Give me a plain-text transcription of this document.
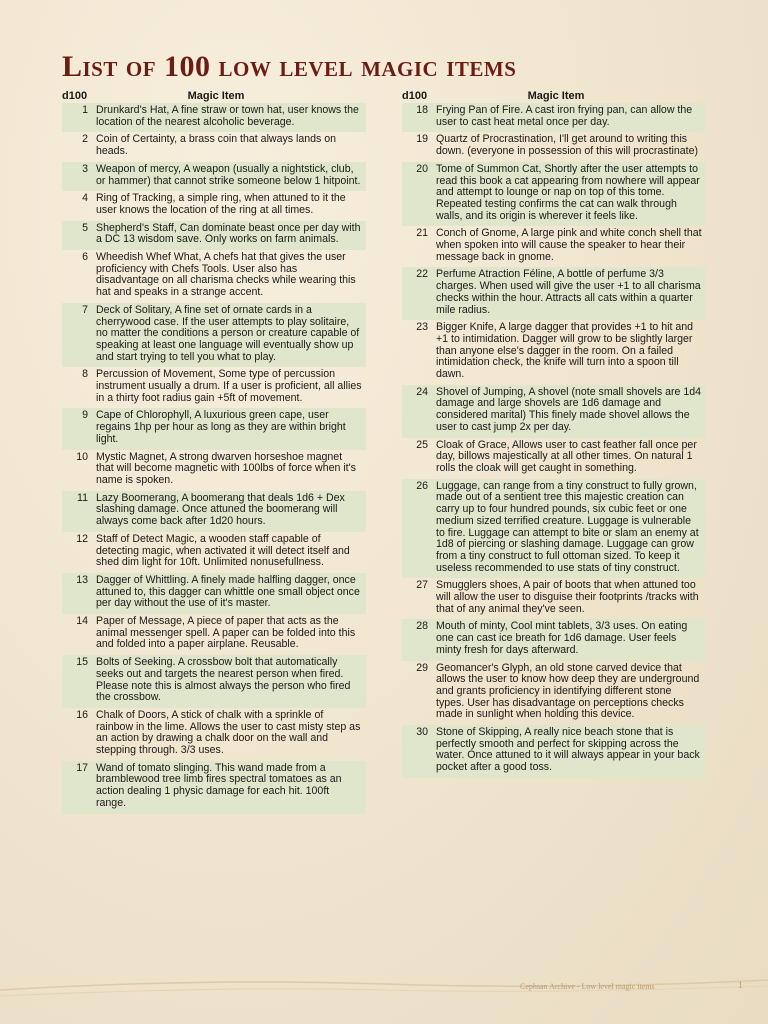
List of 100 low level magic items
d100	Magic Item
1 Drunkard's Hat, A fine straw or town hat, user knows the location of the nearest alcoholic beverage.
2 Coin of Certainty, a brass coin that always lands on heads.
3 Weapon of mercy, A weapon (usually a nightstick, club, or hammer) that cannot strike someone below 1 hitpoint.
4 Ring of Tracking, a simple ring, when attuned to it the user knows the location of the ring at all times.
5 Shepherd's Staff, Can dominate beast once per day with a DC 13 wisdom save. Only works on farm animals.
6 Wheedish Whef What, A chefs hat that gives the user proficiency with Chefs Tools. User also has disadvantage on all charisma checks while wearing this hat and speaks in a strange accent.
7 Deck of Solitary, A fine set of ornate cards in a cherrywood case. If the user attempts to play solitaire, no matter the conditions a person or creature capable of speaking at least one language will eventually show up and start trying to tell you what to play.
8 Percussion of Movement, Some type of percussion instrument usually a drum. If a user is proficient, all allies in a thirty foot radius gain +5ft of movement.
9 Cape of Chlorophyll, A luxurious green cape, user regains 1hp per hour as long as they are within bright light.
10 Mystic Magnet, A strong dwarven horseshoe magnet that will become magnetic with 100lbs of force when it's name is spoken.
11 Lazy Boomerang, A boomerang that deals 1d6 + Dex slashing damage. Once attuned the boomerang will always come back after 1d20 hours.
12 Staff of Detect Magic, a wooden staff capable of detecting magic, when activated it will detect itself and shed dim light for 10ft. Unlimited nonusefullness.
13 Dagger of Whittling. A finely made halfling dagger, once attuned to, this dagger can whittle one small object once per day without the use of it's master.
14 Paper of Message, A piece of paper that acts as the animal messenger spell. A paper can be folded into this and folded into a paper airplane. Reusable.
15 Bolts of Seeking. A crossbow bolt that automatically seeks out and targets the nearest person when fired. Please note this is almost always the person who fired the crossbow.
16 Chalk of Doors, A stick of chalk with a sprinkle of rainbow in the lime. Allows the user to cast misty step as an action by drawing a chalk door on the wall and stepping through. 3/3 uses.
17 Wand of tomato slinging. This wand made from a bramblewood tree limb fires spectral tomatoes as an action dealing 1 physic damage for each hit. 100ft range.
d100	Magic Item
18 Frying Pan of Fire. A cast iron frying pan, can allow the user to cast heat metal once per day.
19 Quartz of Procrastination, I'll get around to writing this down. (everyone in possession of this will procrastinate)
20 Tome of Summon Cat, Shortly after the user attempts to read this book a cat appearing from nowhere will appear and attempt to lounge or nap on top of this tome. Repeated testing confirms the cat can walk through walls, and its origin is wherever it feels like.
21 Conch of Gnome, A large pink and white conch shell that when spoken into will cause the speaker to hear their message back in gnome.
22 Perfume Atraction Féline, A bottle of perfume 3/3 charges. When used will give the user +1 to all charisma checks within the hour. Attracts all cats within a quarter mile radius.
23 Bigger Knife, A large dagger that provides +1 to hit and +1 to intimidation. Dagger will grow to be slightly larger than anyone else's dagger in the room. On a failed intimidation check, the knife will turn into a spoon till dawn.
24 Shovel of Jumping, A shovel (note small shovels are 1d4 damage and large shovels are 1d6 damage and considered marital) This finely made shovel allows the user to cast jump 2x per day.
25 Cloak of Grace, Allows user to cast feather fall once per day, billows majestically at all other times. On natural 1 rolls the cloak will get caught in something.
26 Luggage, can range from a tiny construct to fully grown, made out of a sentient tree this majestic creation can carry up to four hundred pounds, six cubic feet or one medium sized terrified creature. Luggage is vulnerable to fire. Luggage can attempt to bite or slam an enemy at 1d8 of piercing or slashing damage. Luggage can grow from a tiny construct to full ottoman sized. To keep it useless recommended to use stats of tiny construct.
27 Smugglers shoes, A pair of boots that when attuned too will allow the user to disguise their footprints /tracks with that of any animal they've seen.
28 Mouth of minty, Cool mint tablets, 3/3 uses. On eating one can cast ice breath for 1d6 damage. User feels minty fresh for days afterward.
29 Geomancer's Glyph, an old stone carved device that allows the user to know how deep they are underground and grants proficiency in identifying different stone types. User has disadvantage on perceptions checks made in sunlight when holding this device.
30 Stone of Skipping, A really nice beach stone that is perfectly smooth and perfect for skipping across the water. Once attuned to it will always appear in your back pocket after a good toss.
Cephsan Archive - Low level magic items	1
